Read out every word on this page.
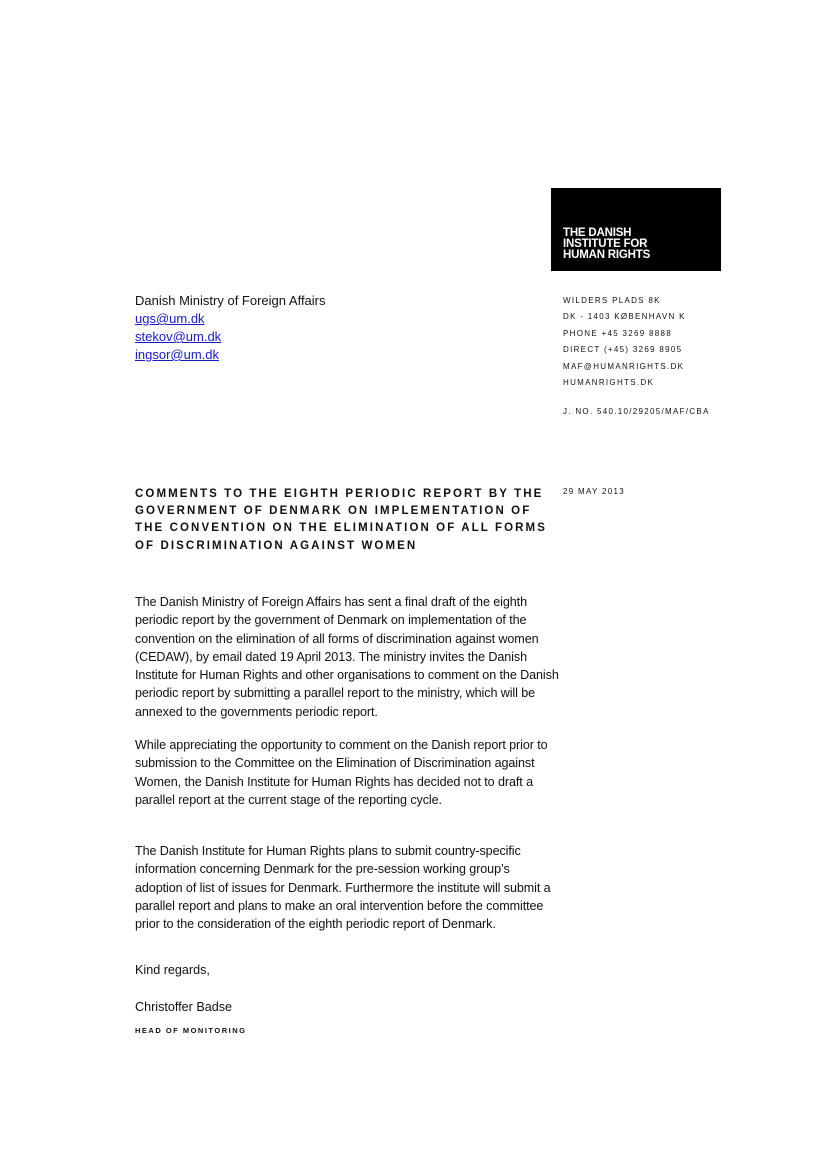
THE DANISH
INSTITUTE FOR
HUMAN RIGHTS
Danish Ministry of Foreign Affairs
ugs@um.dk
stekov@um.dk
ingsor@um.dk
WILDERS PLADS 8K
DK - 1403 KØBENHAVN K
PHONE +45 3269 8888
DIRECT (+45) 3269 8905
MAF@HUMANRIGHTS.DK
HUMANRIGHTS.DK
J. NO. 540.10/29205/MAF/CBA
29 MAY 2013
COMMENTS TO THE EIGHTH PERIODIC REPORT BY THE GOVERNMENT OF DENMARK ON IMPLEMENTATION OF THE CONVENTION ON THE ELIMINATION OF ALL FORMS OF DISCRIMINATION AGAINST WOMEN

The Danish Ministry of Foreign Affairs has sent a final draft of the eighth periodic report by the government of Denmark on implementation of the convention on the elimination of all forms of discrimination against women (CEDAW), by email dated 19 April 2013. The ministry invites the Danish Institute for Human Rights and other organisations to comment on the Danish periodic report by submitting a parallel report to the ministry, which will be annexed to the governments periodic report.

While appreciating the opportunity to comment on the Danish report prior to submission to the Committee on the Elimination of Discrimination against Women, the Danish Institute for Human Rights has decided not to draft a parallel report at the current stage of the reporting cycle.

The Danish Institute for Human Rights plans to submit country-specific information concerning Denmark for the pre-session working group’s adoption of list of issues for Denmark. Furthermore the institute will submit a parallel report and plans to make an oral intervention before the committee prior to the consideration of the eighth periodic report of Denmark.

Kind regards,
Christoffer Badse
HEAD OF MONITORING
